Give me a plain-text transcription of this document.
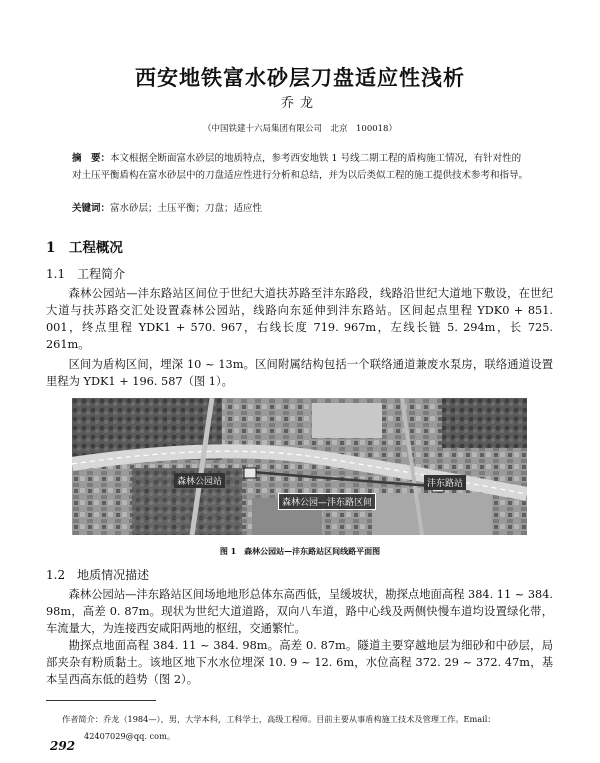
西安地铁富水砂层刀盘适应性浅析
乔龙
（中国铁建十六局集团有限公司　北京　100018）
摘　要：本文根据全断面富水砂层的地质特点，参考西安地铁 1 号线二期工程的盾构施工情况，有针对性的对土压平衡盾构在富水砂层中的刀盘适应性进行分析和总结，并为以后类似工程的施工提供技术参考和指导。
关键词：富水砂层；土压平衡；刀盘；适应性
1　工程概况
1.1　工程简介
森林公园站—沣东路站区间位于世纪大道扶苏路至沣东路段，线路沿世纪大道地下敷设，在世纪大道与扶苏路交汇处设置森林公园站，线路向东延伸到沣东路站。区间起点里程 YDK0 + 851. 001，终点里程 YDK1 + 570. 967，右线长度 719. 967m，左线长链 5. 294m，长 725. 261m。
区间为盾构区间，埋深 10 ~ 13m。区间附属结构包括一个联络通道兼废水泵房，联络通道设置里程为 YDK1 + 196. 587（图 1）。
森林公园站
森林公园—沣东路区间
沣东路站
图 1　森林公园站—沣东路站区间线路平面图
1.2　地质情况描述
森林公园站—沣东路站区间场地地形总体东高西低，呈缓坡状，勘探点地面高程 384. 11 ~ 384. 98m，高差 0. 87m。现状为世纪大道道路，双向八车道，路中心线及两侧快慢车道均设置绿化带，车流量大，为连接西安咸阳两地的枢纽，交通繁忙。
勘探点地面高程 384. 11 ~ 384. 98m。高差 0. 87m。隧道主要穿越地层为细砂和中砂层，局部夹杂有粉质黏土。该地区地下水水位埋深 10. 9 ~ 12. 6m，水位高程 372. 29 ~ 372. 47m，基本呈西高东低的趋势（图 2）。
作者简介：乔龙（1984—），男，大学本科，工科学士，高级工程师。目前主要从事盾构施工技术及管理工作。Email：
42407029@qq. com。
292
